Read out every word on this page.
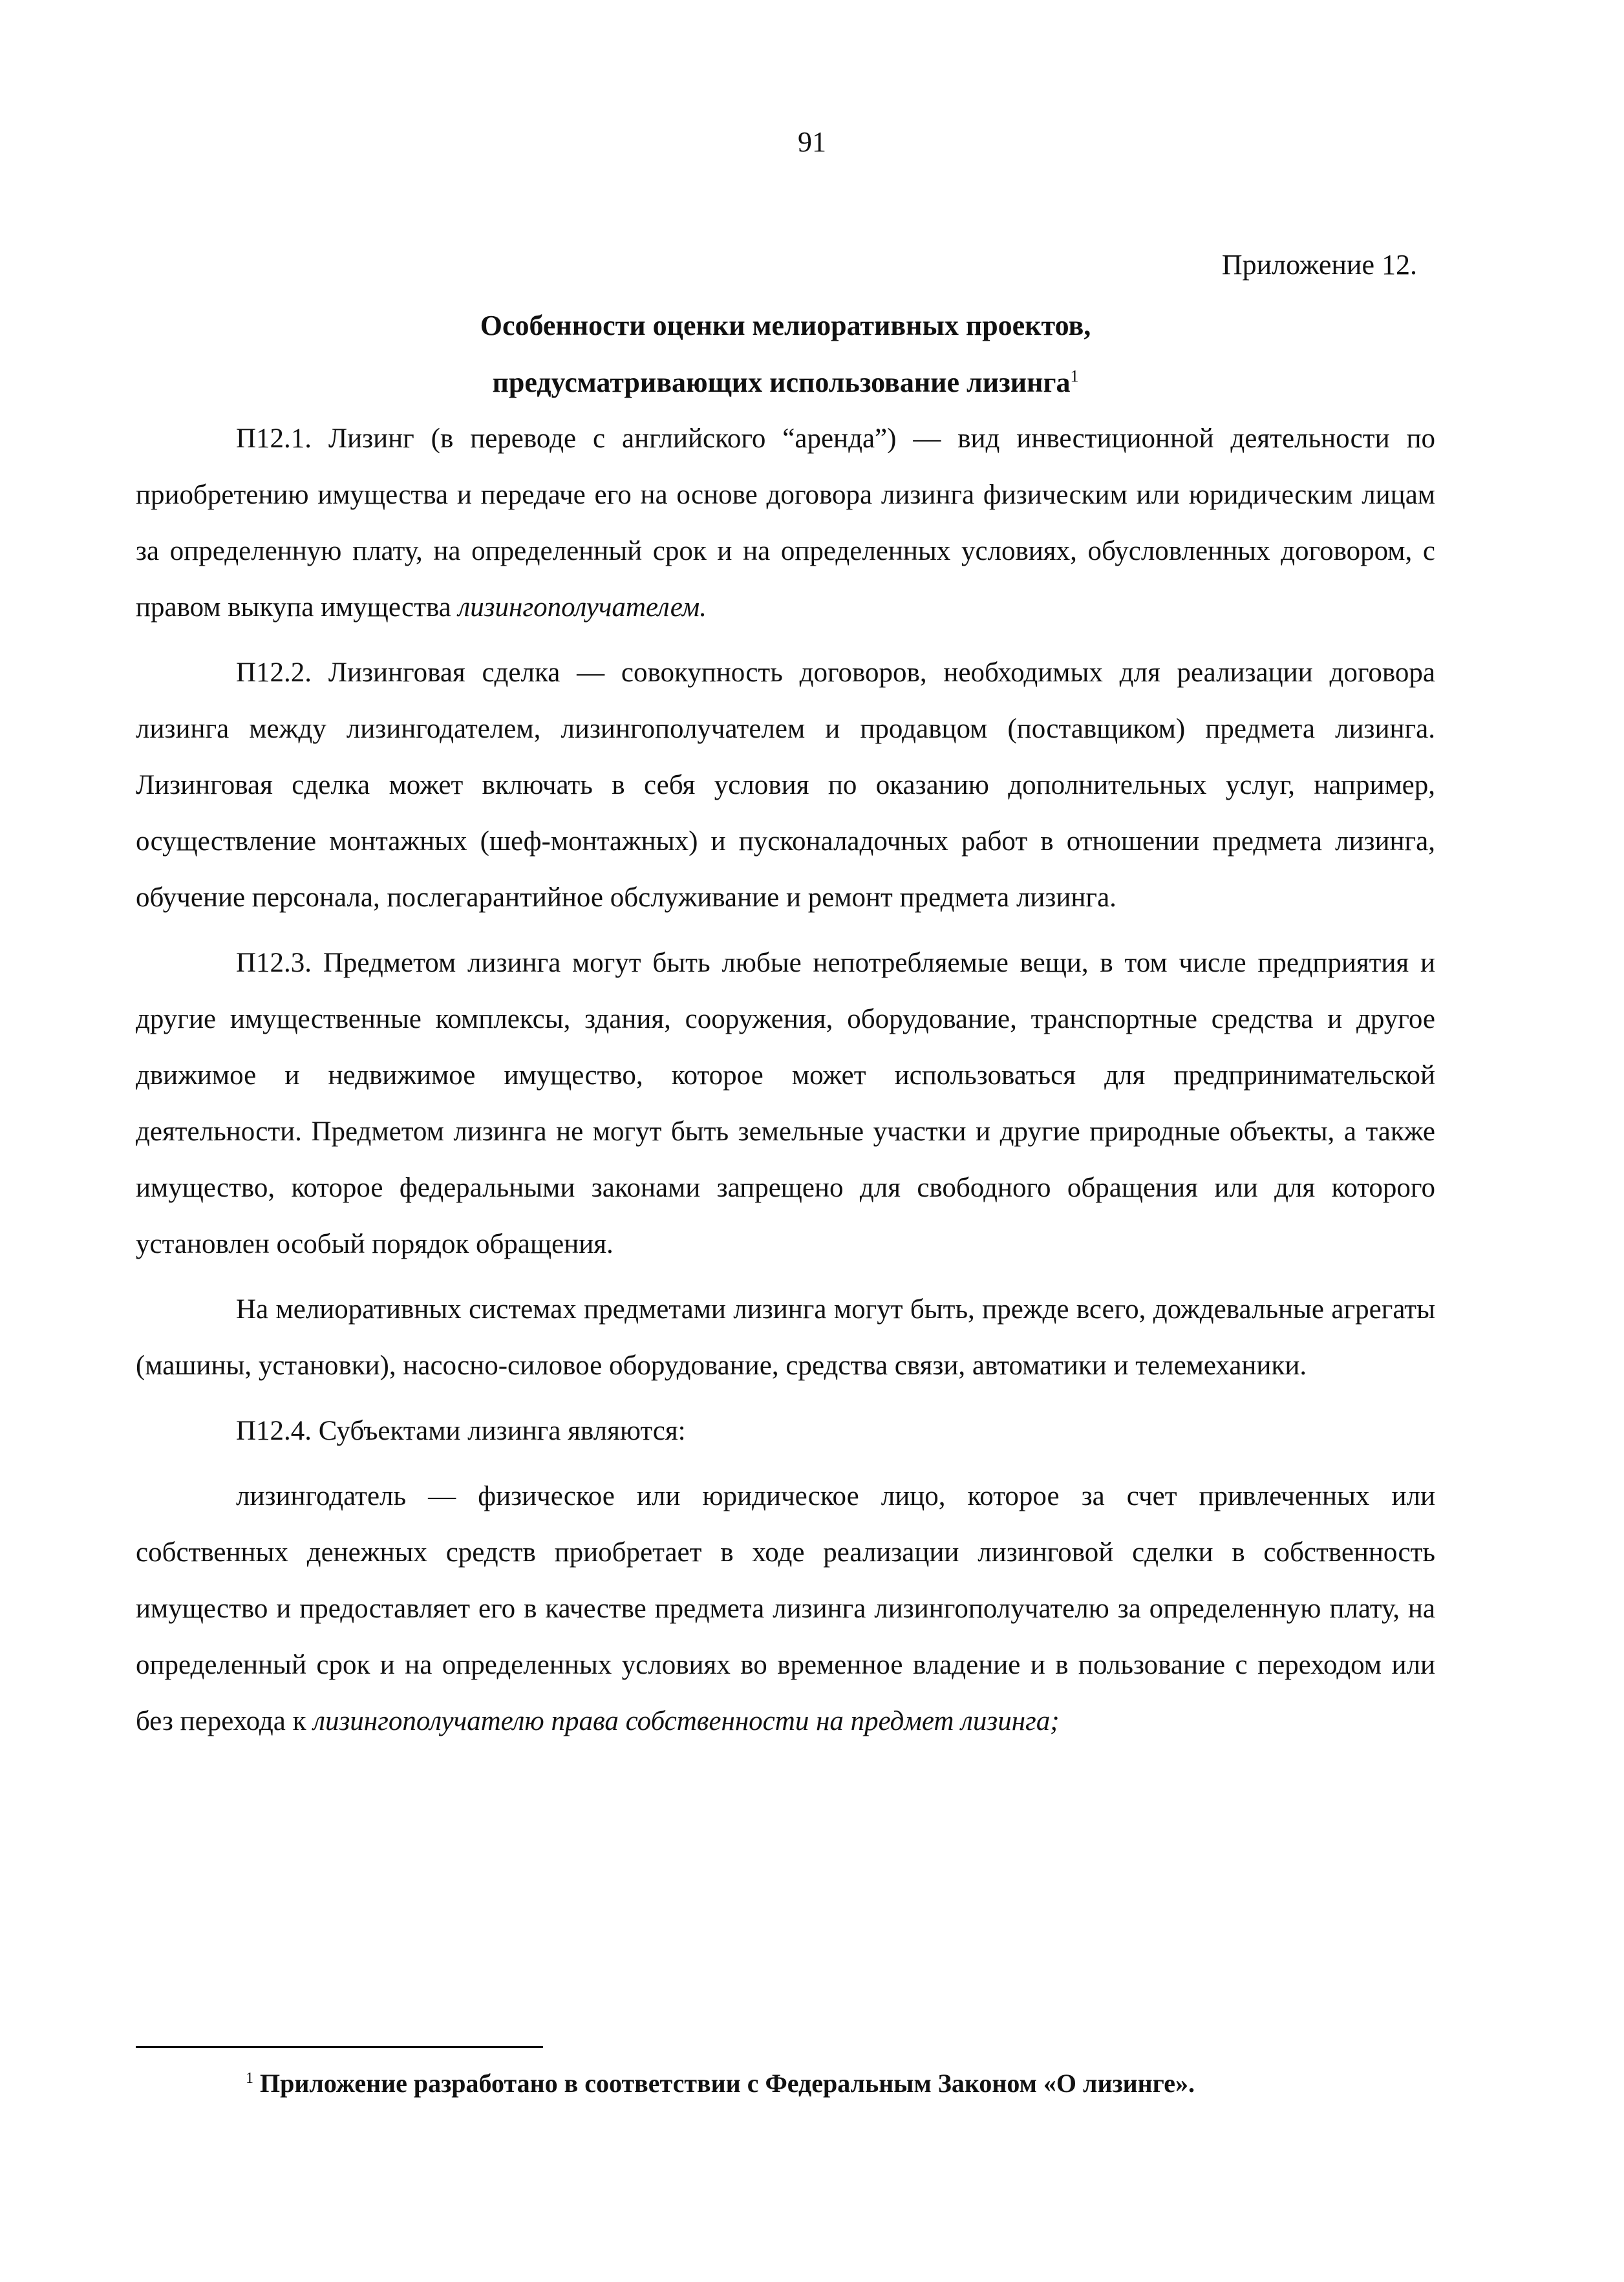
91
Приложение 12.
Особенности оценки мелиоративных проектов,
предусматривающих использование лизинга$^1$

П12.1. Лизинг (в переводе с английского “аренда”) — вид инвестиционной деятельности по приобретению имущества и передаче его на основе договора лизинга физическим или юридическим лицам за определенную плату, на определенный срок и на определенных условиях, обусловленных договором, с правом выкупа имущества лизингополучателем.

П12.2. Лизинговая сделка — совокупность договоров, необходимых для реализации договора лизинга между лизингодателем, лизингополучателем и продавцом (поставщиком) предмета лизинга. Лизинговая сделка может включать в себя условия по оказанию дополнительных услуг, например, осуществление монтажных (шеф-монтажных) и пусконаладочных работ в отношении предмета лизинга, обучение персонала, послегарантийное обслуживание и ремонт предмета лизинга.

П12.3. Предметом лизинга могут быть любые непотребляемые вещи, в том числе предприятия и другие имущественные комплексы, здания, сооружения, оборудование, транспортные средства и другое движимое и недвижимое имущество, которое может использоваться для предпринимательской деятельности. Предметом лизинга не могут быть земельные участки и другие природные объекты, а также имущество, которое федеральными законами запрещено для свободного обращения или для которого установлен особый порядок обращения.

На мелиоративных системах предметами лизинга могут быть, прежде всего, дождевальные агрегаты (машины, установки), насосно-силовое оборудование, средства связи, автоматики и телемеханики.

П12.4. Субъектами лизинга являются:

лизингодатель — физическое или юридическое лицо, которое за счет привлеченных или собственных денежных средств приобретает в ходе реализации лизинговой сделки в собственность имущество и предоставляет его в качестве предмета лизинга лизингополучателю за определенную плату, на определенный срок и на определенных условиях во временное владение и в пользование с переходом или без перехода к лизингополучателю права собственности на предмет лизинга;

$^1$ Приложение разработано в соответствии с Федеральным Законом «О лизинге».
